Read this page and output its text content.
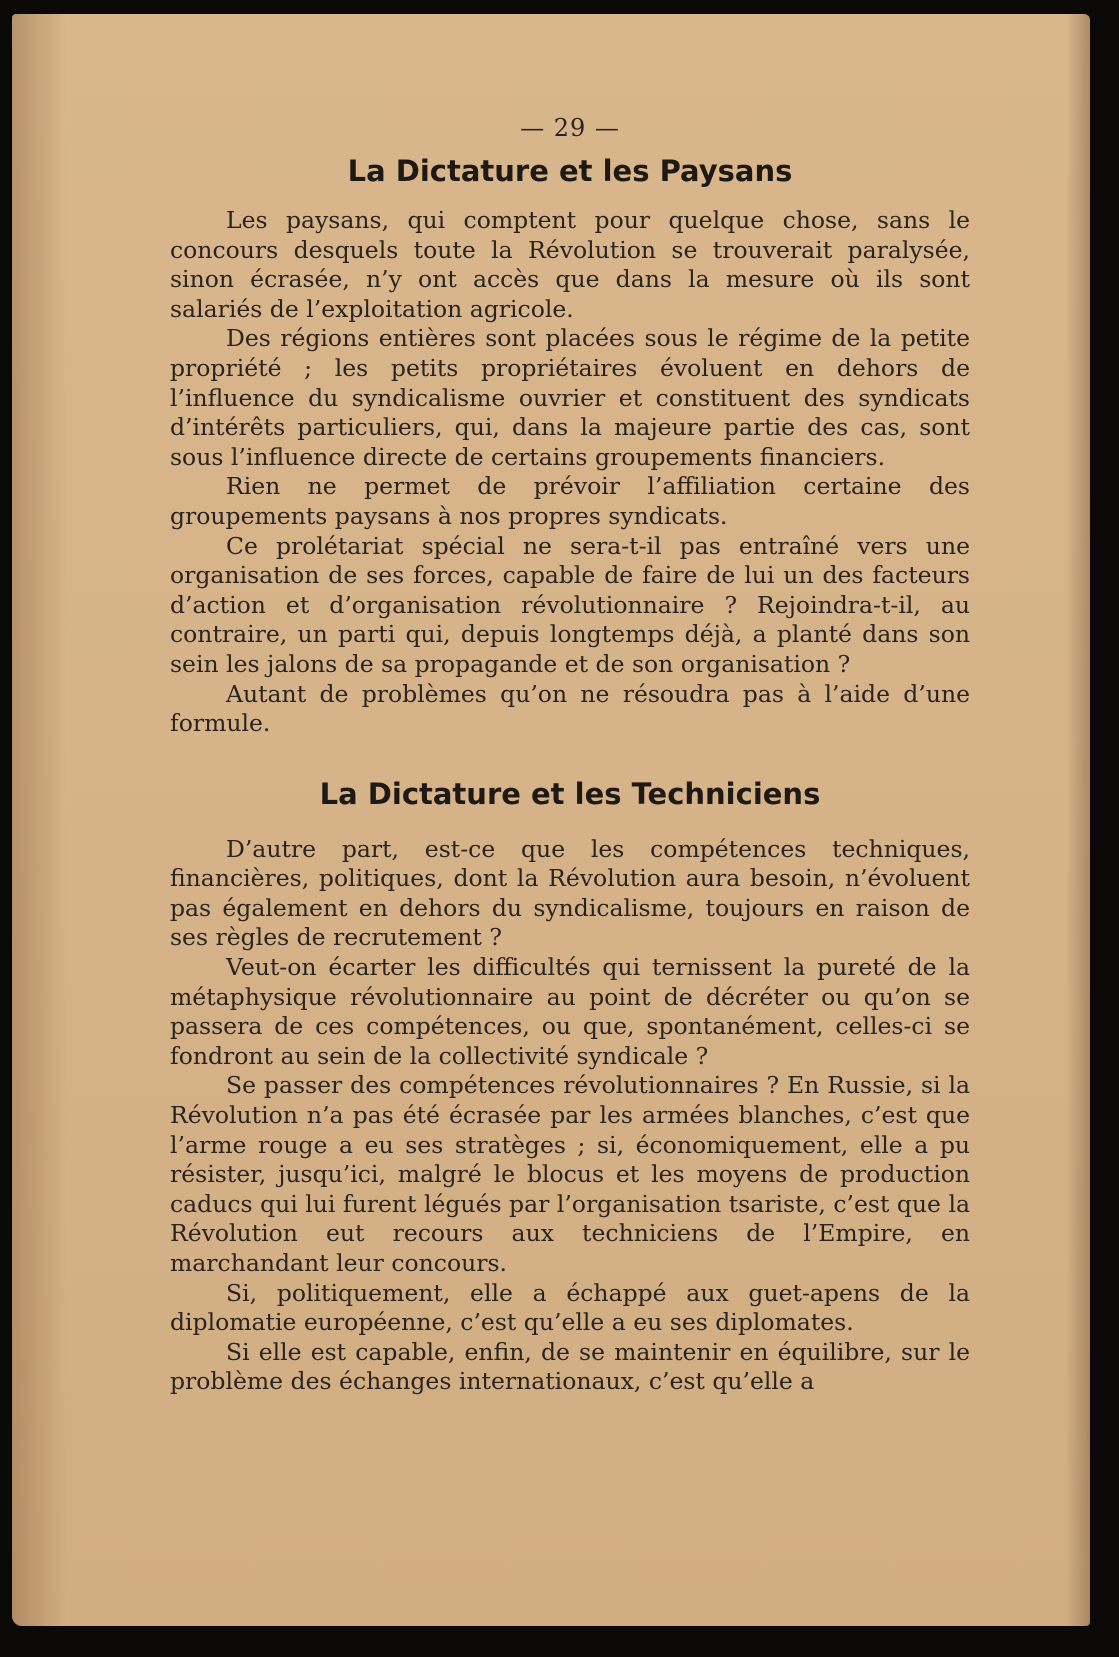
— 29 —
La Dictature et les Paysans

Les paysans, qui comptent pour quelque chose, sans le concours desquels toute la Révolution se trouverait paralysée, sinon écrasée, n’y ont accès que dans la mesure où ils sont salariés de l’exploitation agricole.

Des régions entières sont placées sous le régime de la petite propriété ; les petits propriétaires évoluent en dehors de l’influence du syndicalisme ouvrier et constituent des syndicats d’intérêts particuliers, qui, dans la majeure partie des cas, sont sous l’influence directe de certains groupements financiers.

Rien ne permet de prévoir l’affiliation certaine des groupements paysans à nos propres syndicats.

Ce prolétariat spécial ne sera-t-il pas entraîné vers une organisation de ses forces, capable de faire de lui un des facteurs d’action et d’organisation révolutionnaire ? Rejoindra-t-il, au contraire, un parti qui, depuis longtemps déjà, a planté dans son sein les jalons de sa propagande et de son organisation ?

Autant de problèmes qu’on ne résoudra pas à l’aide d’une formule.

La Dictature et les Techniciens

D’autre part, est-ce que les compétences techniques, financières, politiques, dont la Révolution aura besoin, n’évoluent pas également en dehors du syndicalisme, toujours en raison de ses règles de recrutement ?

Veut-on écarter les difficultés qui ternissent la pureté de la métaphysique révolutionnaire au point de décréter ou qu’on se passera de ces compétences, ou que, spontanément, celles-ci se fondront au sein de la collectivité syndicale ?

Se passer des compétences révolutionnaires ? En Russie, si la Révolution n’a pas été écrasée par les armées blanches, c’est que l’arme rouge a eu ses stratèges ; si, économiquement, elle a pu résister, jusqu’ici, malgré le blocus et les moyens de production caducs qui lui furent légués par l’organisation tsariste, c’est que la Révolution eut recours aux techniciens de l’Empire, en marchandant leur concours.

Si, politiquement, elle a échappé aux guet-apens de la diplomatie européenne, c’est qu’elle a eu ses diplomates.

Si elle est capable, enfin, de se maintenir en équilibre, sur le problème des échanges internationaux, c’est qu’elle a
